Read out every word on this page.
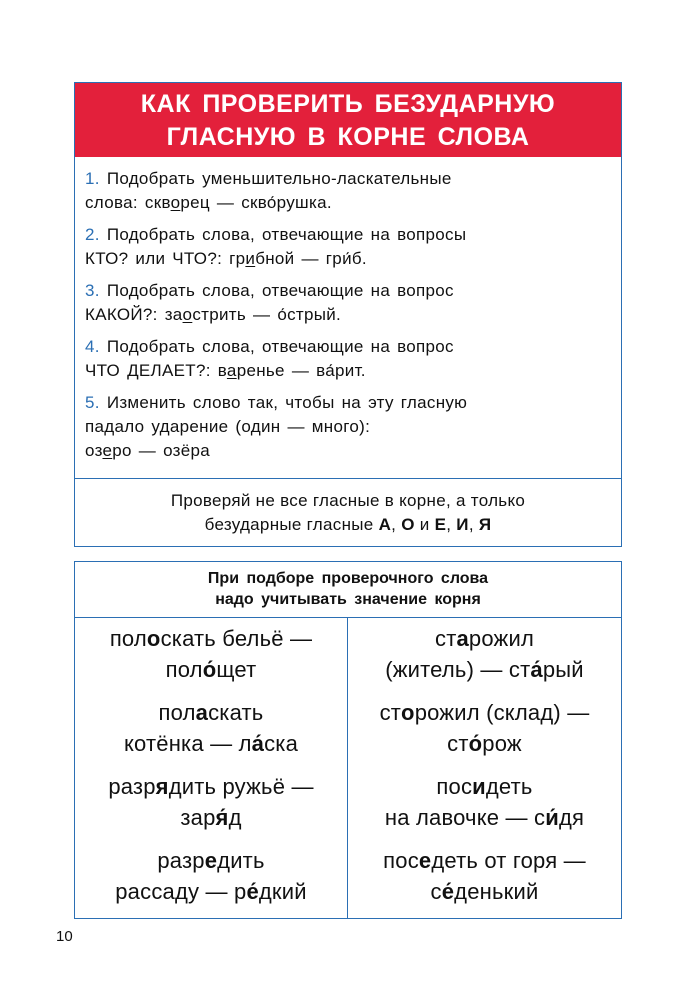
КАК ПРОВЕРИТЬ БЕЗУДАРНУЮ
ГЛАСНУЮ В КОРНЕ СЛОВА
1. Подобрать уменьшительно-ласкательные
слова: скворец — скво́рушка.
2. Подобрать слова, отвечающие на вопросы
КТО? или ЧТО?: грибной — гри́б.
3. Подобрать слова, отвечающие на вопрос
КАКОЙ?: заострить — о́стрый.
4. Подобрать слова, отвечающие на вопрос
ЧТО ДЕЛАЕТ?: варенье — ва́рит.
5. Изменить слово так, чтобы на эту гласную
падало ударение (один — много):
озеро — озёра
Проверяй не все гласные в корне, а только
безударные гласные А, О и Е, И, Я
При подборе проверочного слова
надо учитывать значение корня
полоскать бельё —
поло́щет
поласкать
котёнка — ла́ска
разрядить ружьё —
заря́д
разредить
рассаду — ре́дкий
старожил
(житель) — ста́рый
сторожил (склад) —
сто́рож
посидеть
на лавочке — си́дя
поседеть от горя —
се́денький
10
